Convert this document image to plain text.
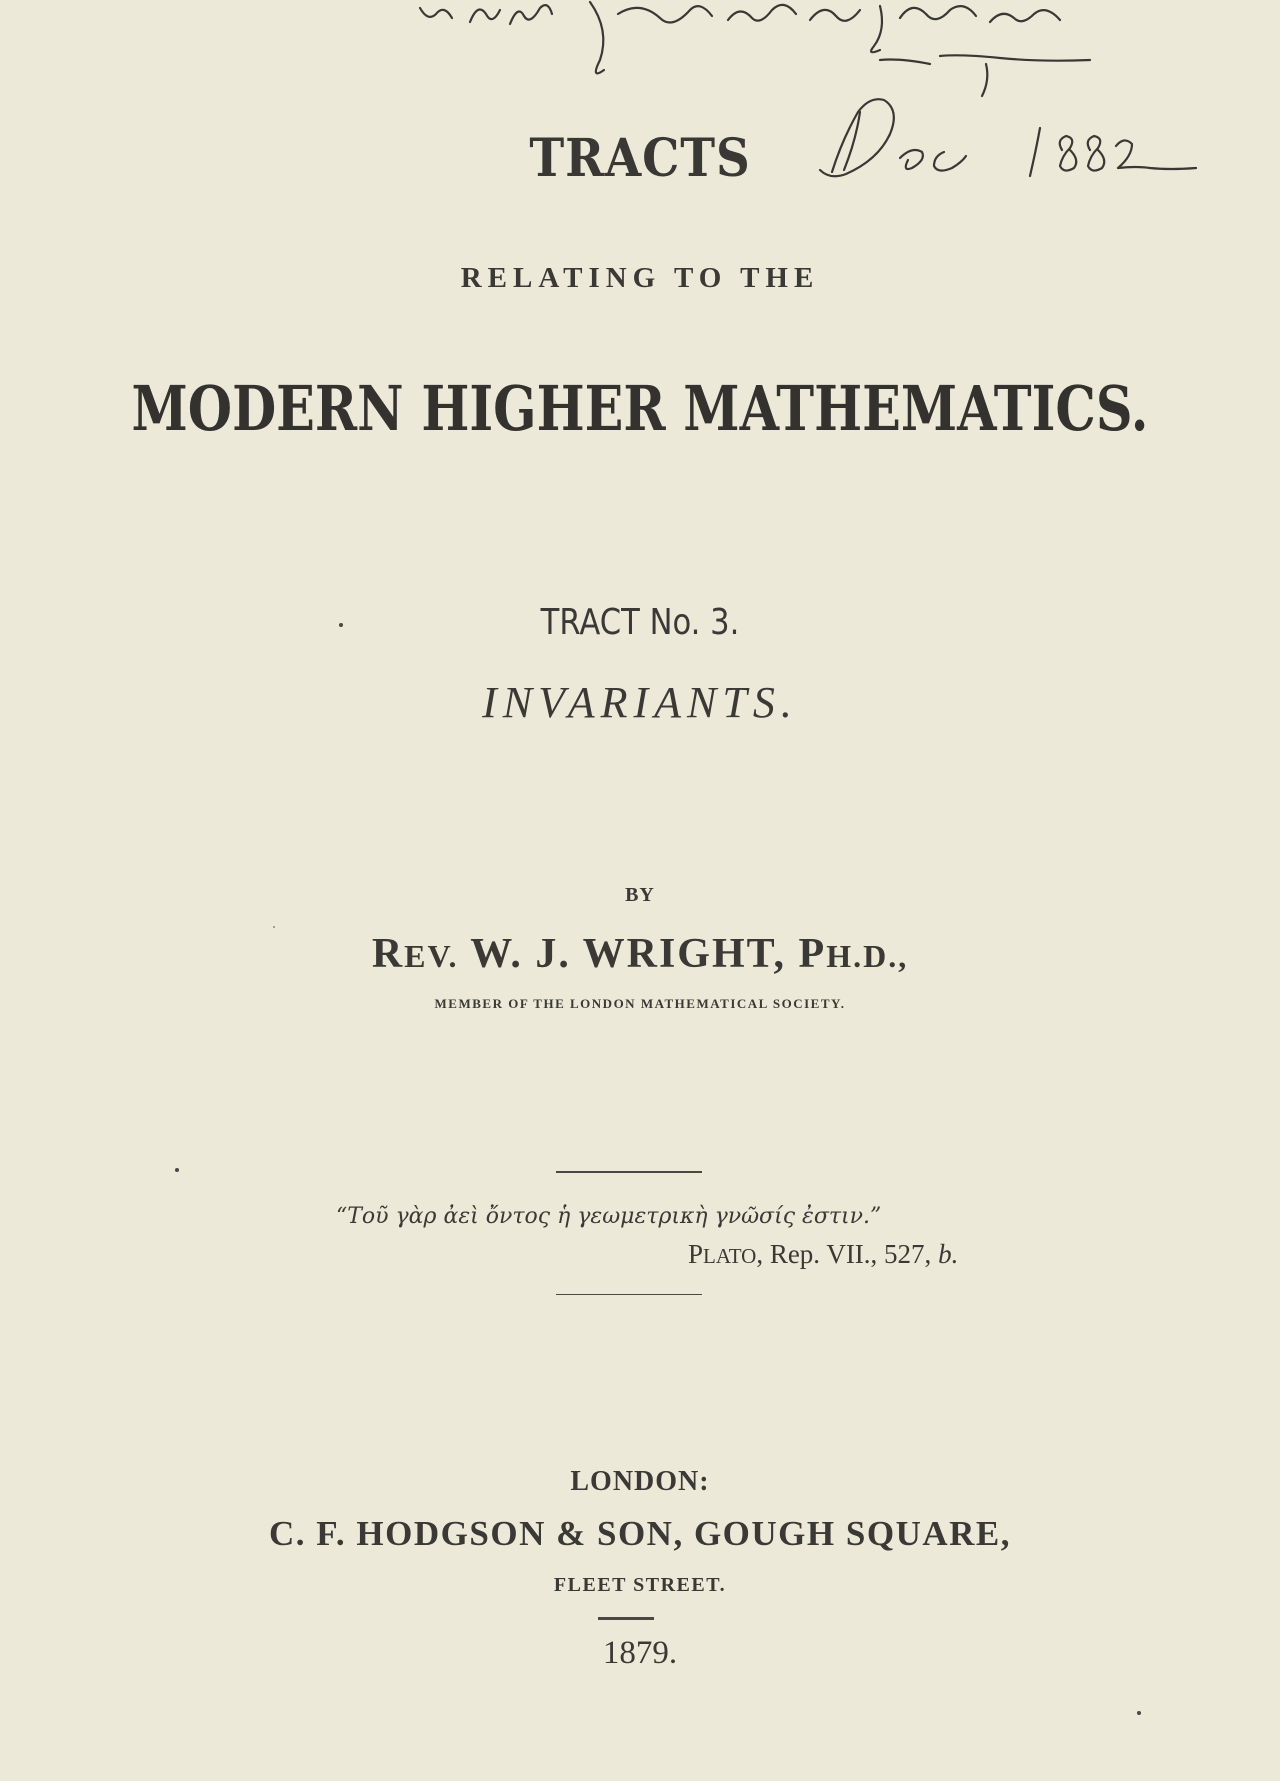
TRACTS
RELATING TO THE
MODERN HIGHER MATHEMATICS.
TRACT No. 3.
INVARIANTS.
BY
REV. W. J. WRIGHT, PH.D.,
MEMBER OF THE LONDON MATHEMATICAL SOCIETY.
“Τοῦ γὰρ ἀεὶ ὄντος ἡ γεωμετρικὴ γνῶσίς ἐστιν.”
PLATO, Rep. VII., 527, b.
LONDON:
C. F. HODGSON & SON, GOUGH SQUARE,
FLEET STREET.
1879.
